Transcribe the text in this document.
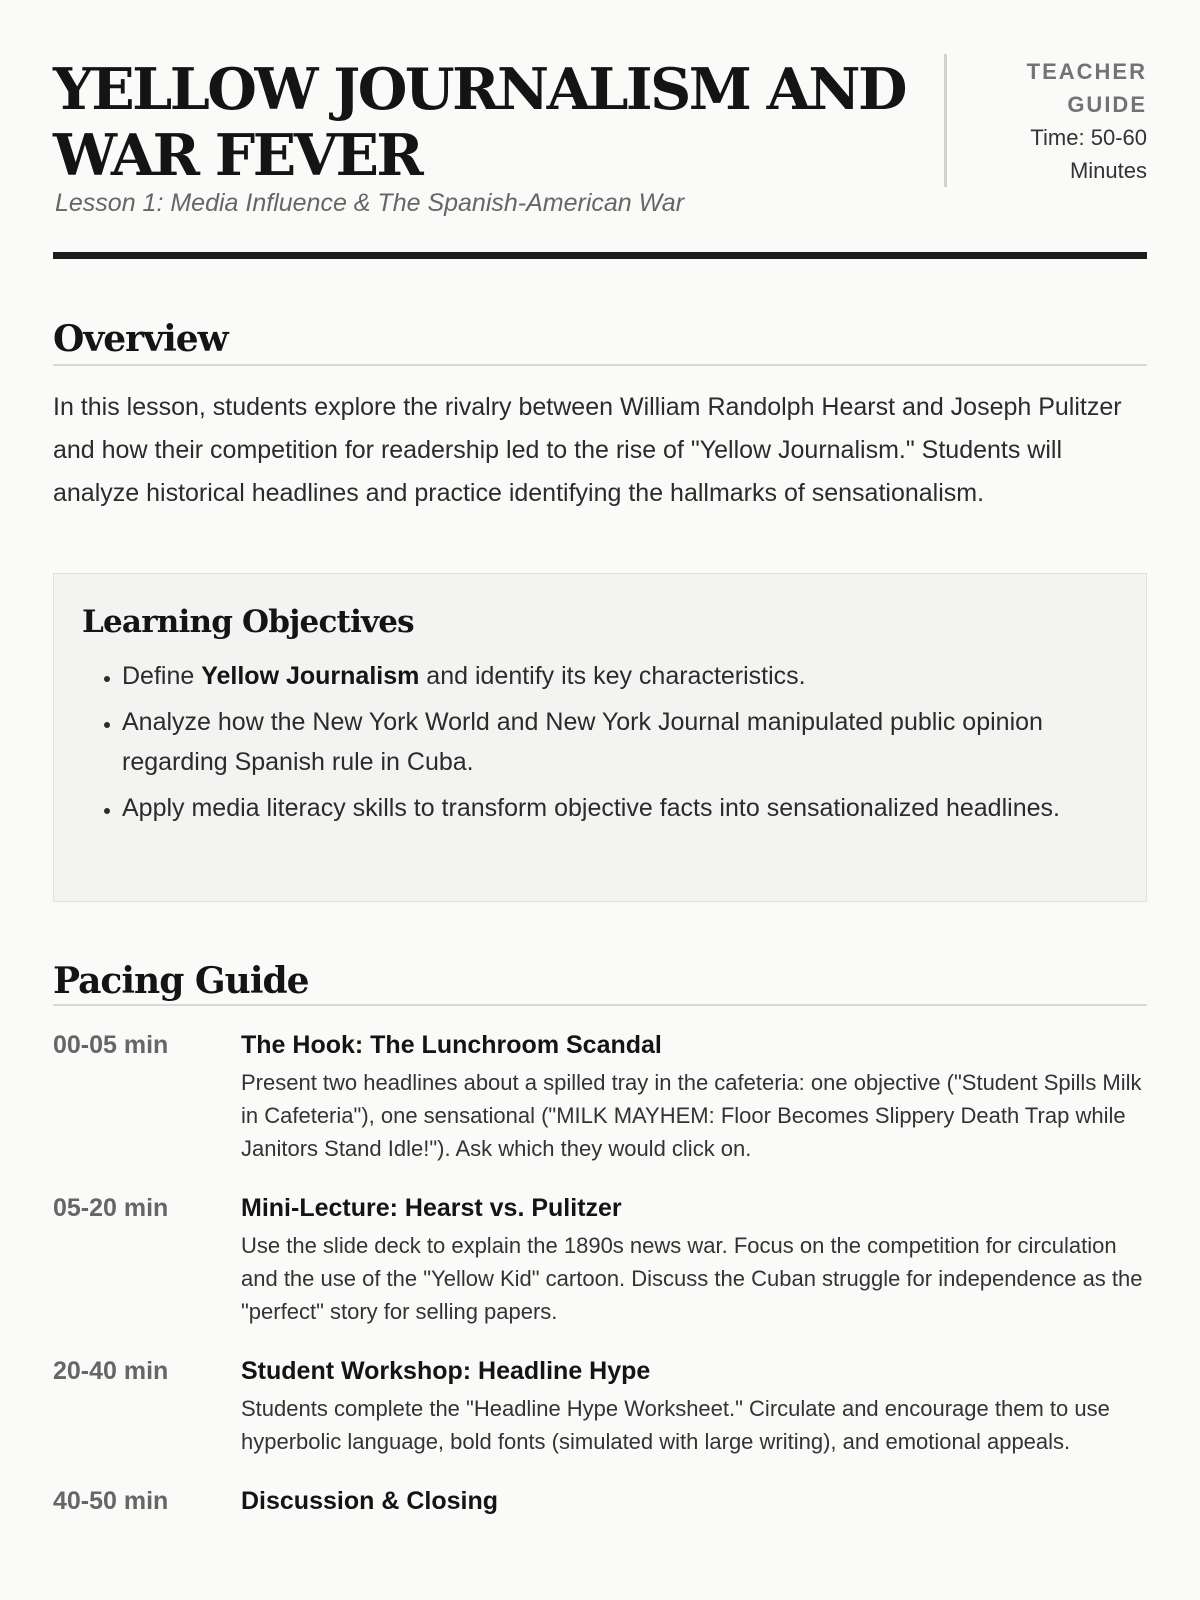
YELLOW JOURNALISM AND
WAR FEVER

Lesson 1: Media Influence & The Spanish-American War

TEACHER
GUIDE
Time: 50-60
Minutes
Overview

In this lesson, students explore the rivalry between William Randolph Hearst and Joseph Pulitzer and how their competition for readership led to the rise of "Yellow Journalism." Students will analyze historical headlines and practice identifying the hallmarks of sensationalism.

Learning Objectives
• Define Yellow Journalism and identify its key characteristics.
• Analyze how the New York World and New York Journal manipulated public opinion regarding Spanish rule in Cuba.
• Apply media literacy skills to transform objective facts into sensationalized headlines.
Pacing Guide
00-05 min	The Hook: The Lunchroom Scandal
Present two headlines about a spilled tray in the cafeteria: one objective ("Student Spills Milk in Cafeteria"), one sensational ("MILK MAYHEM: Floor Becomes Slippery Death Trap while Janitors Stand Idle!"). Ask which they would click on.
05-20 min	Mini-Lecture: Hearst vs. Pulitzer
Use the slide deck to explain the 1890s news war. Focus on the competition for circulation and the use of the "Yellow Kid" cartoon. Discuss the Cuban struggle for independence as the "perfect" story for selling papers.
20-40 min	Student Workshop: Headline Hype
Students complete the "Headline Hype Worksheet." Circulate and encourage them to use hyperbolic language, bold fonts (simulated with large writing), and emotional appeals.
40-50 min	Discussion & Closing
